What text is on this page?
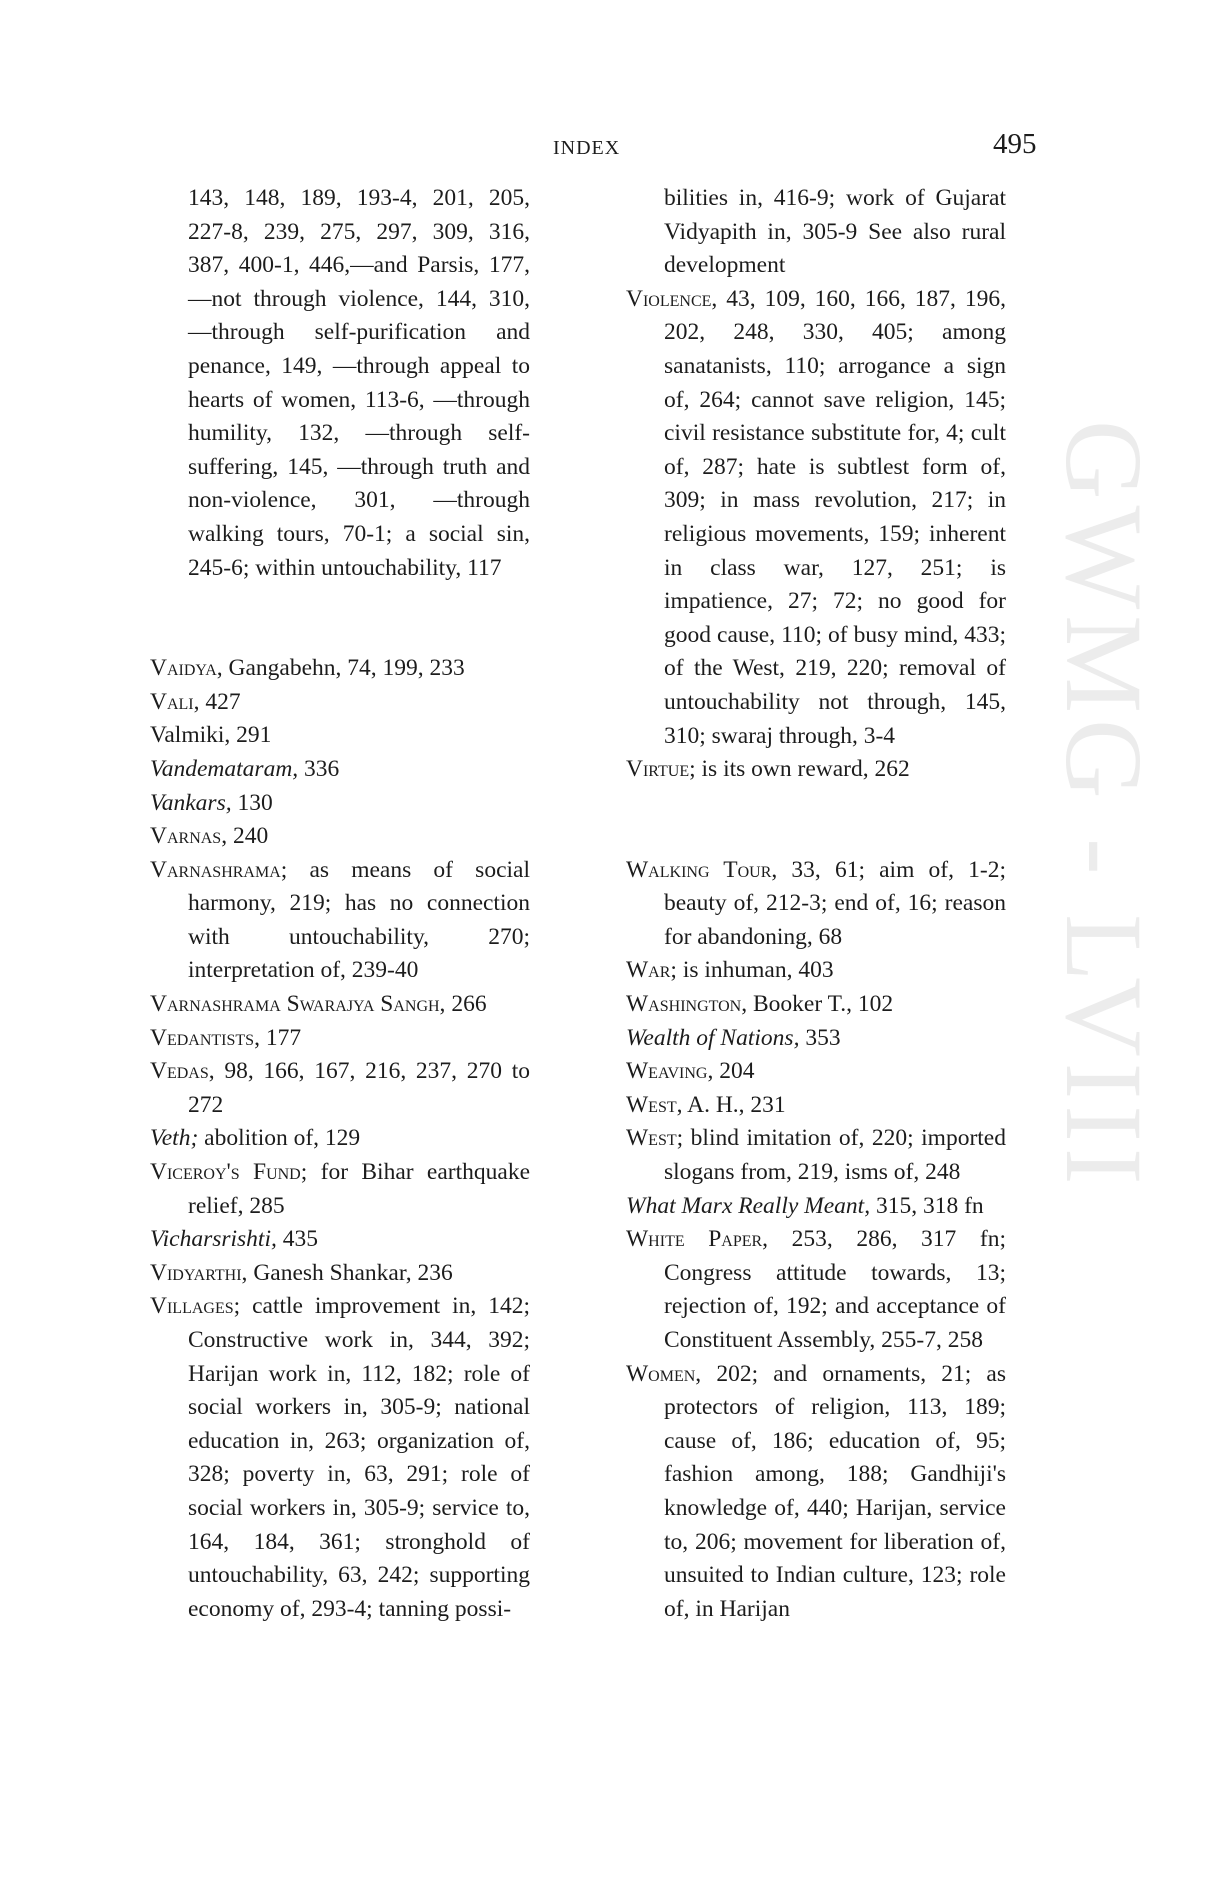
INDEX	495
GWMG - LVIII

143, 148, 189, 193-4, 201, 205, 227-8, 239, 275, 297, 309, 316, 387, 400-1, 446,—and Parsis, 177,—not through violence, 144, 310, —through self-purification and penance, 149, —through appeal to hearts of women, 113-6, —through humility, 132, —through self-suffering, 145, —through truth and non-violence, 301, —through walking tours, 70-1; a social sin, 245-6; within untouchability, 117

Vaidya, Gangabehn, 74, 199, 233

Vali, 427

Valmiki, 291

Vandemataram, 336

Vankars, 130

Varnas, 240

Varnashrama; as means of social harmony, 219; has no connection with untouchability, 270; interpretation of, 239-40

Varnashrama Swarajya Sangh, 266

Vedantists, 177

Vedas, 98, 166, 167, 216, 237, 270 to 272

Veth; abolition of, 129

Viceroy's Fund; for Bihar earthquake relief, 285

Vicharsrishti, 435

Vidyarthi, Ganesh Shankar, 236

Villages; cattle improvement in, 142; Constructive work in, 344, 392; Harijan work in, 112, 182; role of social workers in, 305-9; national education in, 263; organization of, 328; poverty in, 63, 291; role of social workers in, 305-9; service to, 164, 184, 361; stronghold of untouchability, 63, 242; supporting economy of, 293-4; tanning possi-

bilities in, 416-9; work of Gujarat Vidyapith in, 305-9 See also rural development

Violence, 43, 109, 160, 166, 187, 196, 202, 248, 330, 405; among sanatanists, 110; arrogance a sign of, 264; cannot save religion, 145; civil resistance substitute for, 4; cult of, 287; hate is subtlest form of, 309; in mass revolution, 217; in religious movements, 159; inherent in class war, 127, 251; is impatience, 27; 72; no good for good cause, 110; of busy mind, 433; of the West, 219, 220; removal of untouchability not through, 145, 310; swaraj through, 3-4

Virtue; is its own reward, 262

Walking Tour, 33, 61; aim of, 1-2; beauty of, 212-3; end of, 16; reason for abandoning, 68

War; is inhuman, 403

Washington, Booker T., 102

Wealth of Nations, 353

Weaving, 204

West, A. H., 231

West; blind imitation of, 220; imported slogans from, 219, isms of, 248

What Marx Really Meant, 315, 318 fn

White Paper, 253, 286, 317 fn; Congress attitude towards, 13; rejection of, 192; and acceptance of Constituent Assembly, 255-7, 258

Women, 202; and ornaments, 21; as protectors of religion, 113, 189; cause of, 186; education of, 95; fashion among, 188; Gandhiji's knowledge of, 440; Harijan, service to, 206; movement for liberation of, unsuited to Indian culture, 123; role of, in Harijan
